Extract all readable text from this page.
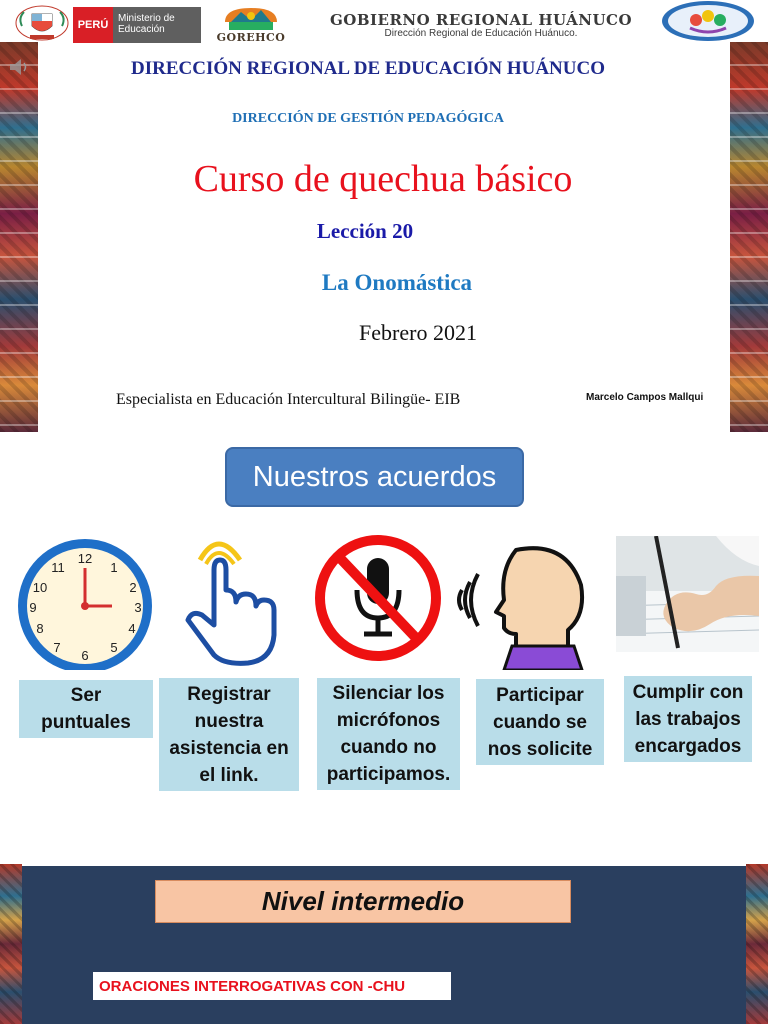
PERÚ
Ministerio de Educación
GOREHCO
GOBIERNO REGIONAL HUÁNUCO
Dirección Regional de Educación Huánuco.
DIRECCIÓN REGIONAL DE EDUCACIÓN HUÁNUCO
DIRECCIÓN DE GESTIÓN PEDAGÓGICA
Curso de quechua básico
Lección 20
La Onomástica
Febrero 2021
Especialista en Educación Intercultural Bilingüe- EIB	Marcelo Campos Mallqui
Nuestros acuerdos
12
1
2
3
4
5
6
7
8
9
10
11
Ser
puntuales
Registrar
nuestra
asistencia en
el link.
Silenciar los
micrófonos
cuando no
participamos.
Participar
cuando se
nos solicite
Cumplir con
las trabajos
encargados
Nivel intermedio
ORACIONES INTERROGATIVAS CON -CHU
